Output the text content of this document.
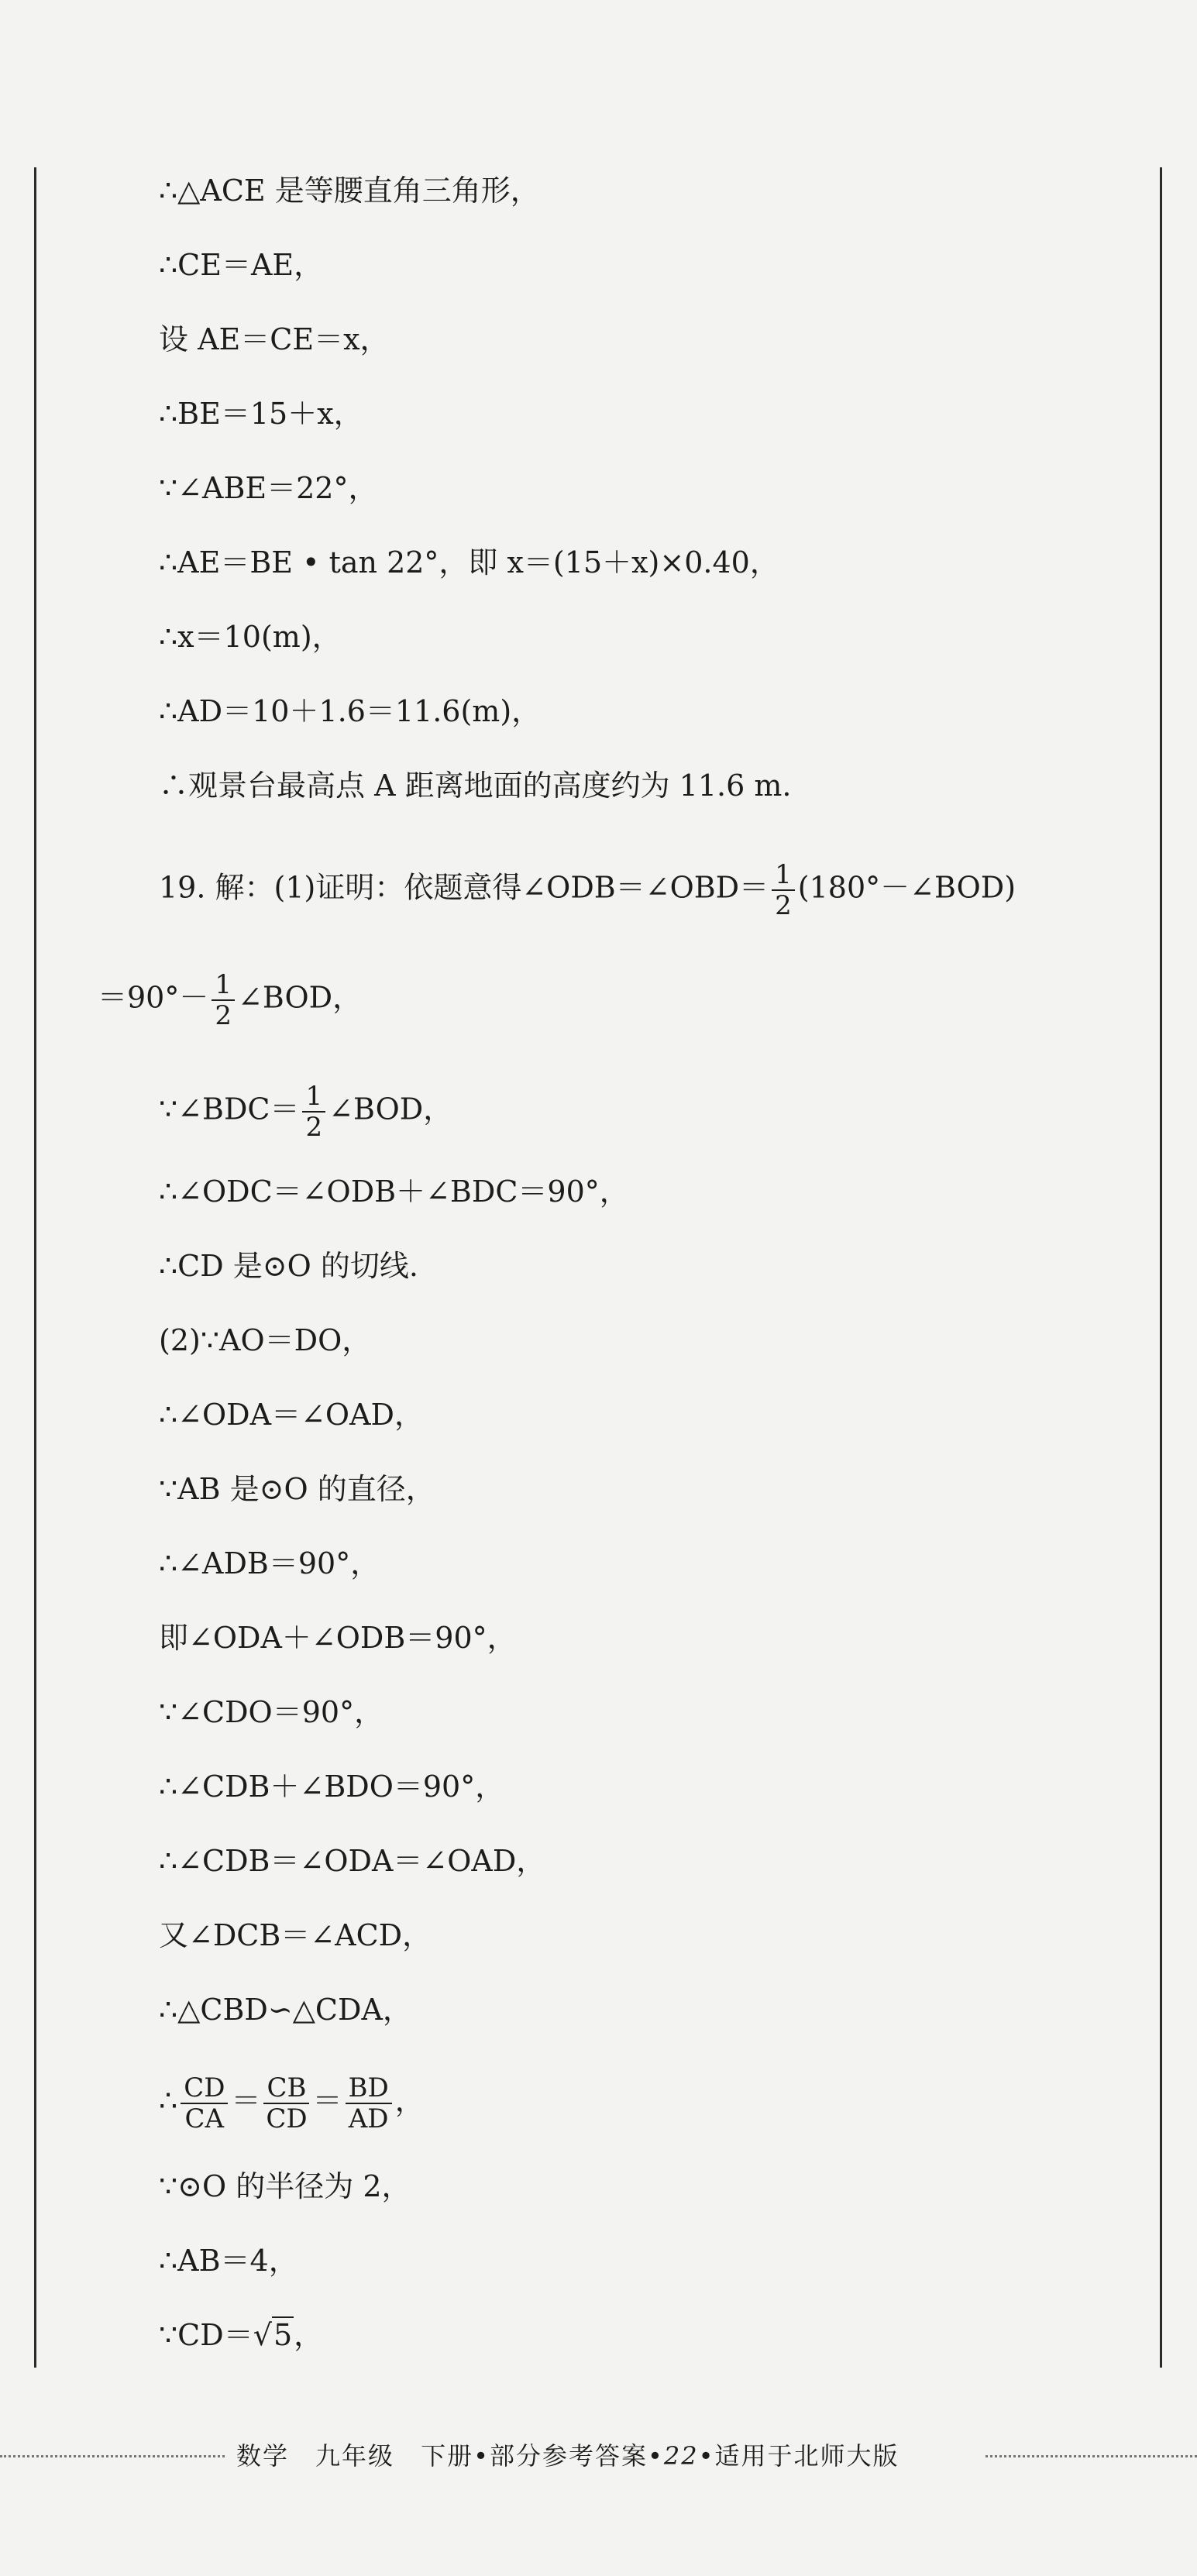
∴△ACE 是等腰直角三角形，
∴CE＝AE，
设 AE＝CE＝x，
∴BE＝15＋x，
∵∠ABE＝22°，
∴AE＝BE • tan 22°，即 x＝(15＋x)×0.40，
∴x＝10(m)，
∴AD＝10＋1.6＝11.6(m)，
∴观景台最高点 A 距离地面的高度约为 11.6 m.
19. 解：(1)证明：依题意得∠ODB＝∠OBD＝ $\frac{1}{2}$ (180°－∠BOD)
$=90^\circ- \frac{1}{2}$ ∠BOD，
∵∠BDC＝ $\frac{1}{2}$ ∠BOD，
∴∠ODC＝∠ODB＋∠BDC＝90°，
∴CD 是⊙O 的切线.
(2)∵AO＝DO，
∴∠ODA＝∠OAD，
∵AB 是⊙O 的直径，
∴∠ADB＝90°，
即∠ODA＋∠ODB＝90°，
∵∠CDO＝90°，
∴∠CDB＋∠BDO＝90°，
∴∠CDB＝∠ODA＝∠OAD，
又∠DCB＝∠ACD，
∴△CBD∽△CDA，
∴ $\frac{CD}{CA} = \frac{CB}{CD} = \frac{BD}{AD}$ ，
∵⊙O 的半径为 2，
∴AB＝4，
∵CD＝√5，
数学　 九年级　 下册•部分参考答案•22•适用于北师大版
